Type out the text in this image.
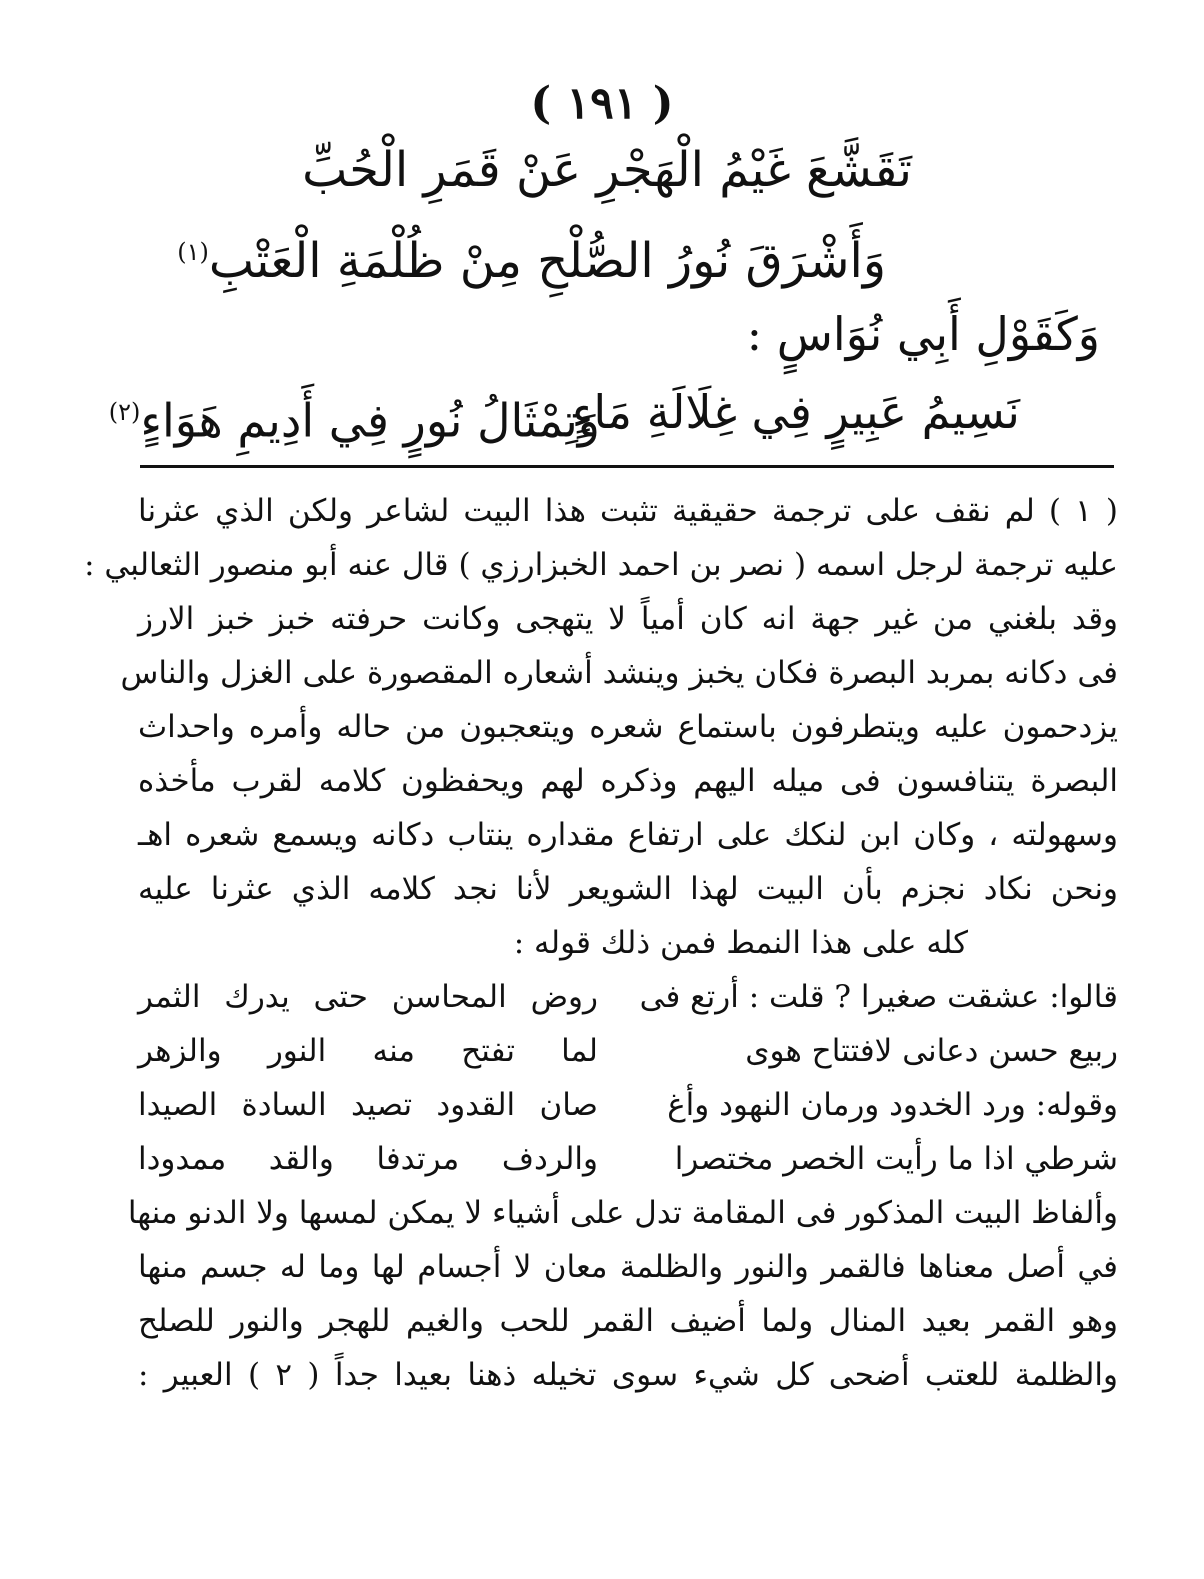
( ١٩١ )
تَقَشَّعَ غَيْمُ الْهَجْرِ عَنْ قَمَرِ الْحُبِّ
وَأَشْرَقَ نُورُ الصُّلْحِ مِنْ ظُلْمَةِ الْعَتْبِ$^{(١)}$
وَكَقَوْلِ أَبِي نُوَاسٍ :
نَسِيمُ عَبِيرٍ فِي غِلَالَةِ مَاءٍ
وَتِمْثَالُ نُورٍ فِي أَدِيمِ هَوَاءٍ$^{(٢)}$
( ١ ) لم نقف على ترجمة حقيقية تثبت هذا البيت لشاعر ولكن الذي عثرنا
عليه ترجمة لرجل اسمه ( نصر بن احمد الخبزارزي ) قال عنه أبو منصور الثعالبي :
وقد بلغني من غير جهة انه كان أمياً لا يتهجى وكانت حرفته خبز خبز الارز
فى دكانه بمربد البصرة فكان يخبز وينشد أشعاره المقصورة على الغزل والناس
يزدحمون عليه ويتطرفون باستماع شعره ويتعجبون من حاله وأمره واحداث
البصرة يتنافسون فى ميله اليهم وذكره لهم ويحفظون كلامه لقرب مأخذه
وسهولته ، وكان ابن لنكك على ارتفاع مقداره ينتاب دكانه ويسمع شعره اهـ
ونحن نكاد نجزم بأن البيت لهذا الشويعر لأنا نجد كلامه الذي عثرنا عليه
كله على هذا النمط فمن ذلك قوله :
قالوا: عشقت صغيرا ? قلت : أرتع فى
روض المحاسن حتى يدرك الثمر
ربيع حسن دعانى لافتتاح هوى
لما تفتح منه النور والزهر
وقوله: ورد الخدود ورمان النهود وأغ
صان القدود تصيد السادة الصيدا
شرطي اذا ما رأيت الخصر مختصرا
والردف مرتدفا والقد ممدودا
وألفاظ البيت المذكور فى المقامة تدل على أشياء لا يمكن لمسها ولا الدنو منها
في أصل معناها فالقمر والنور والظلمة معان لا أجسام لها وما له جسم منها
وهو القمر بعيد المنال ولما أضيف القمر للحب والغيم للهجر والنور للصلح
والظلمة للعتب أضحى كل شيء سوى تخيله ذهنا بعيدا جداً ( ٢ ) العبير :
